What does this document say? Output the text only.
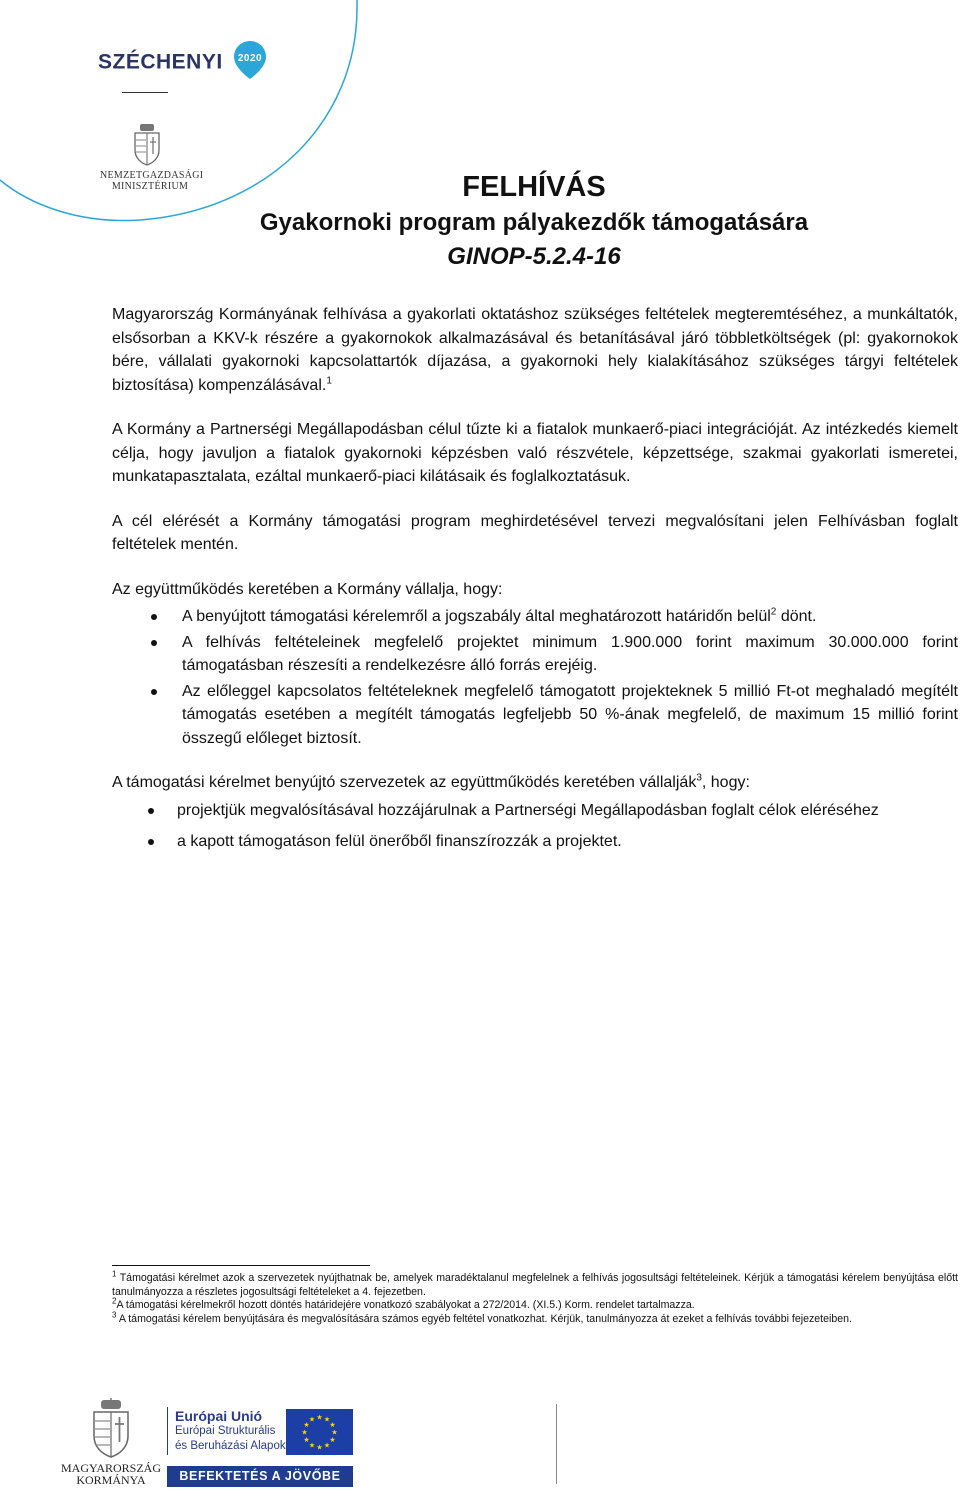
SZÉCHENYI 2020
NEMZETGAZDASÁGI
MINISZTÉRIUM	FELHÍVÁS
Gyakornoki program pályakezdők támogatására
GINOP-5.2.4-16

Magyarország Kormányának felhívása a gyakorlati oktatáshoz szükséges feltételek megteremtéséhez, a munkáltatók, elsősorban a KKV-k részére a gyakornokok alkalmazásával és betanításával járó többletköltségek (pl: gyakornokok bére, vállalati gyakornoki kapcsolattartók díjazása, a gyakornoki hely kialakításához szükséges tárgyi feltételek biztosítása) kompenzálásával.$^1$

A Kormány a Partnerségi Megállapodásban célul tűzte ki a fiatalok munkaerő-piaci integrációját. Az intézkedés kiemelt célja, hogy javuljon a fiatalok gyakornoki képzésben való részvétele, képzettsége, szakmai gyakorlati ismeretei, munkatapasztalata, ezáltal munkaerő-piaci kilátásaik és foglalkoztatásuk.

A cél elérését a Kormány támogatási program meghirdetésével tervezi megvalósítani jelen Felhívásban foglalt feltételek mentén.

Az együttműködés keretében a Kormány vállalja, hogy:

A benyújtott támogatási kérelemről a jogszabály által meghatározott határidőn belül$^2$ dönt.
A felhívás feltételeinek megfelelő projektet minimum 1.900.000 forint maximum 30.000.000 forint támogatásban részesíti a rendelkezésre álló forrás erejéig.
Az előleggel kapcsolatos feltételeknek megfelelő támogatott projekteknek 5 millió Ft-ot meghaladó megítélt támogatás esetében a megítélt támogatás legfeljebb 50 %-ának megfelelő, de maximum 15 millió forint összegű előleget biztosít.

A támogatási kérelmet benyújtó szervezetek az együttműködés keretében vállalják$^3$, hogy:

projektjük megvalósításával hozzájárulnak a Partnerségi Megállapodásban foglalt célok eléréséhez
a kapott támogatáson felül önerőből finanszírozzák a projektet.

$^1$ Támogatási kérelmet azok a szervezetek nyújthatnak be, amelyek maradéktalanul megfelelnek a felhívás jogosultsági feltételeinek. Kérjük a támogatási kérelem benyújtása előtt tanulmányozza a részletes jogosultsági feltételeket a 4. fejezetben.

$^2$A támogatási kérelmekről hozott döntés határidejére vonatkozó szabályokat a 272/2014. (XI.5.) Korm. rendelet tartalmazza.

$^3$ A támogatási kérelem benyújtására és megvalósítására számos egyéb feltétel vonatkozhat. Kérjük, tanulmányozza át ezeket a felhívás további fejezeteiben.

MAGYARORSZÁG
KORMÁNYA
Európai Unió
Európai Strukturális
és Beruházási Alapok
★ ★
★
★
★
★
★
★
★
★
★
★
BEFEKTETÉS A JÖVŐBE
